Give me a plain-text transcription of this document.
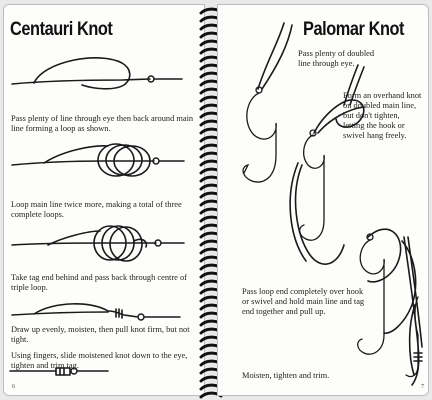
Centauri Knot
Pass plenty of line through eye then back around main line forming a loop as shown.
Loop main line twice more, making a total of three complete loops.
Take tag end behind and pass back through centre of triple loop.
Draw up evenly, moisten, then pull knot firm, but not tight.
Using fingers, slide moistened knot down to the eye, tighten and trim tag.
6
Palomar Knot
Pass plenty of doubled line through eye.
Form an overhand knot on doubled main line, but don't tighten, letting the hook or swivel hang freely.
Pass loop end completely over hook or swivel and hold main line and tag end together and pull up.
Moisten, tighten and trim.
7
